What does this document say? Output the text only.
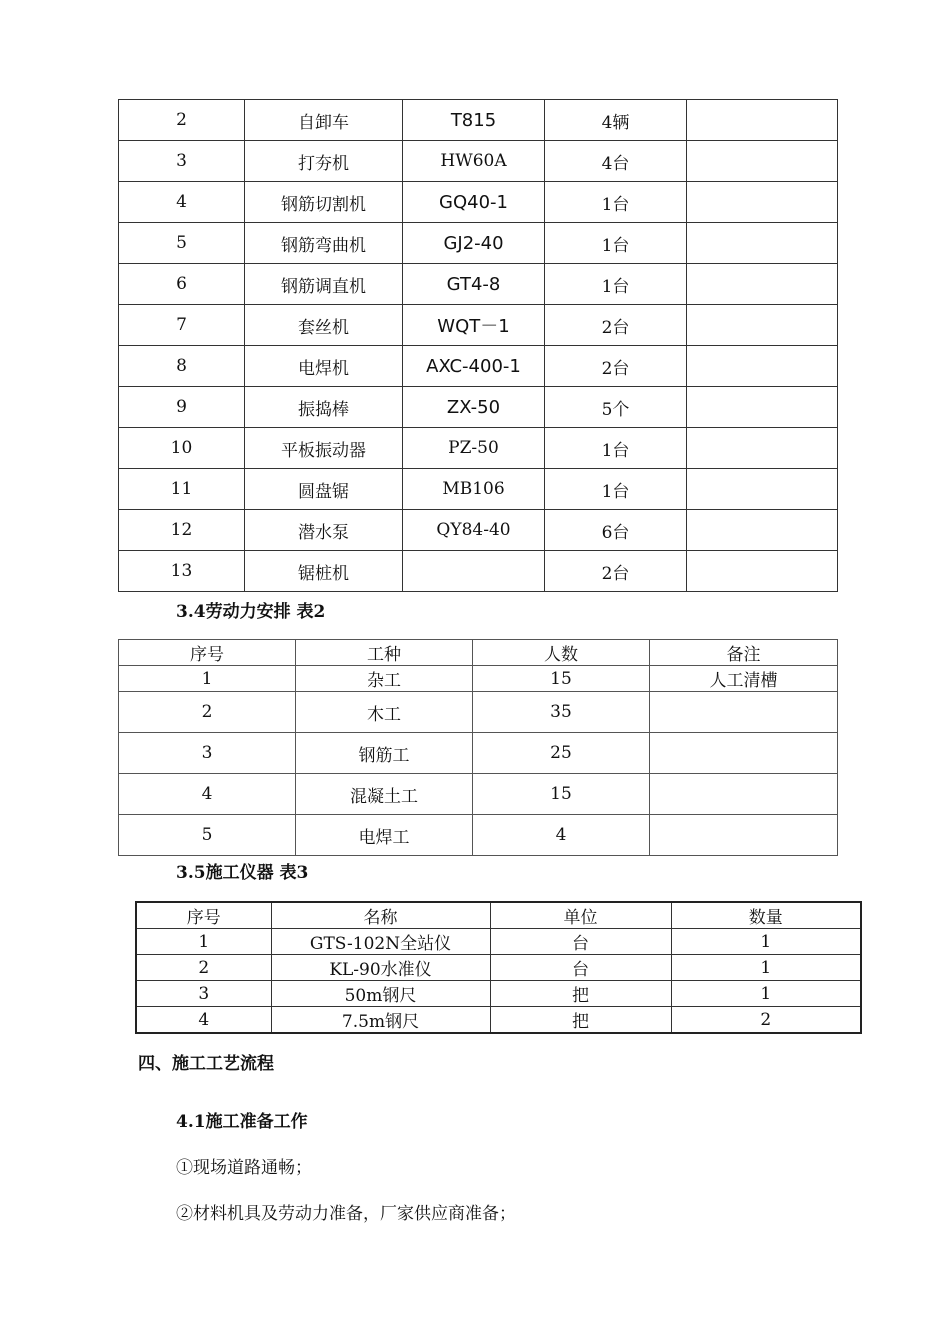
2	自卸车	T815	4辆	
3	打夯机	HW60A	4台	
4	钢筋切割机	GQ40-1	1台	
5	钢筋弯曲机	GJ2-40	1台	
6	钢筋调直机	GT4-8	1台	
7	套丝机	WQT－1	2台	
8	电焊机	AXC-400-1	2台	
9	振捣棒	ZX-50	5个	
10	平板振动器	PZ-50	1台	
11	圆盘锯	MB106	1台	
12	潜水泵	QY84-40	6台	
13	锯桩机		2台	
3.4劳动力安排 表2
序号	工种	人数	备注
1	杂工	15	人工清槽
2	木工	35	
3	钢筋工	25	
4	混凝土工	15	
5	电焊工	4	
3.5施工仪器 表3
序号	名称	单位	数量
1	GTS-102N全站仪	台	1
2	KL-90水准仪	台	1
3	50m钢尺	把	1
4	7.5m钢尺	把	2
四、施工工艺流程
4.1施工准备工作
①现场道路通畅；
②材料机具及劳动力准备，厂家供应商准备；
